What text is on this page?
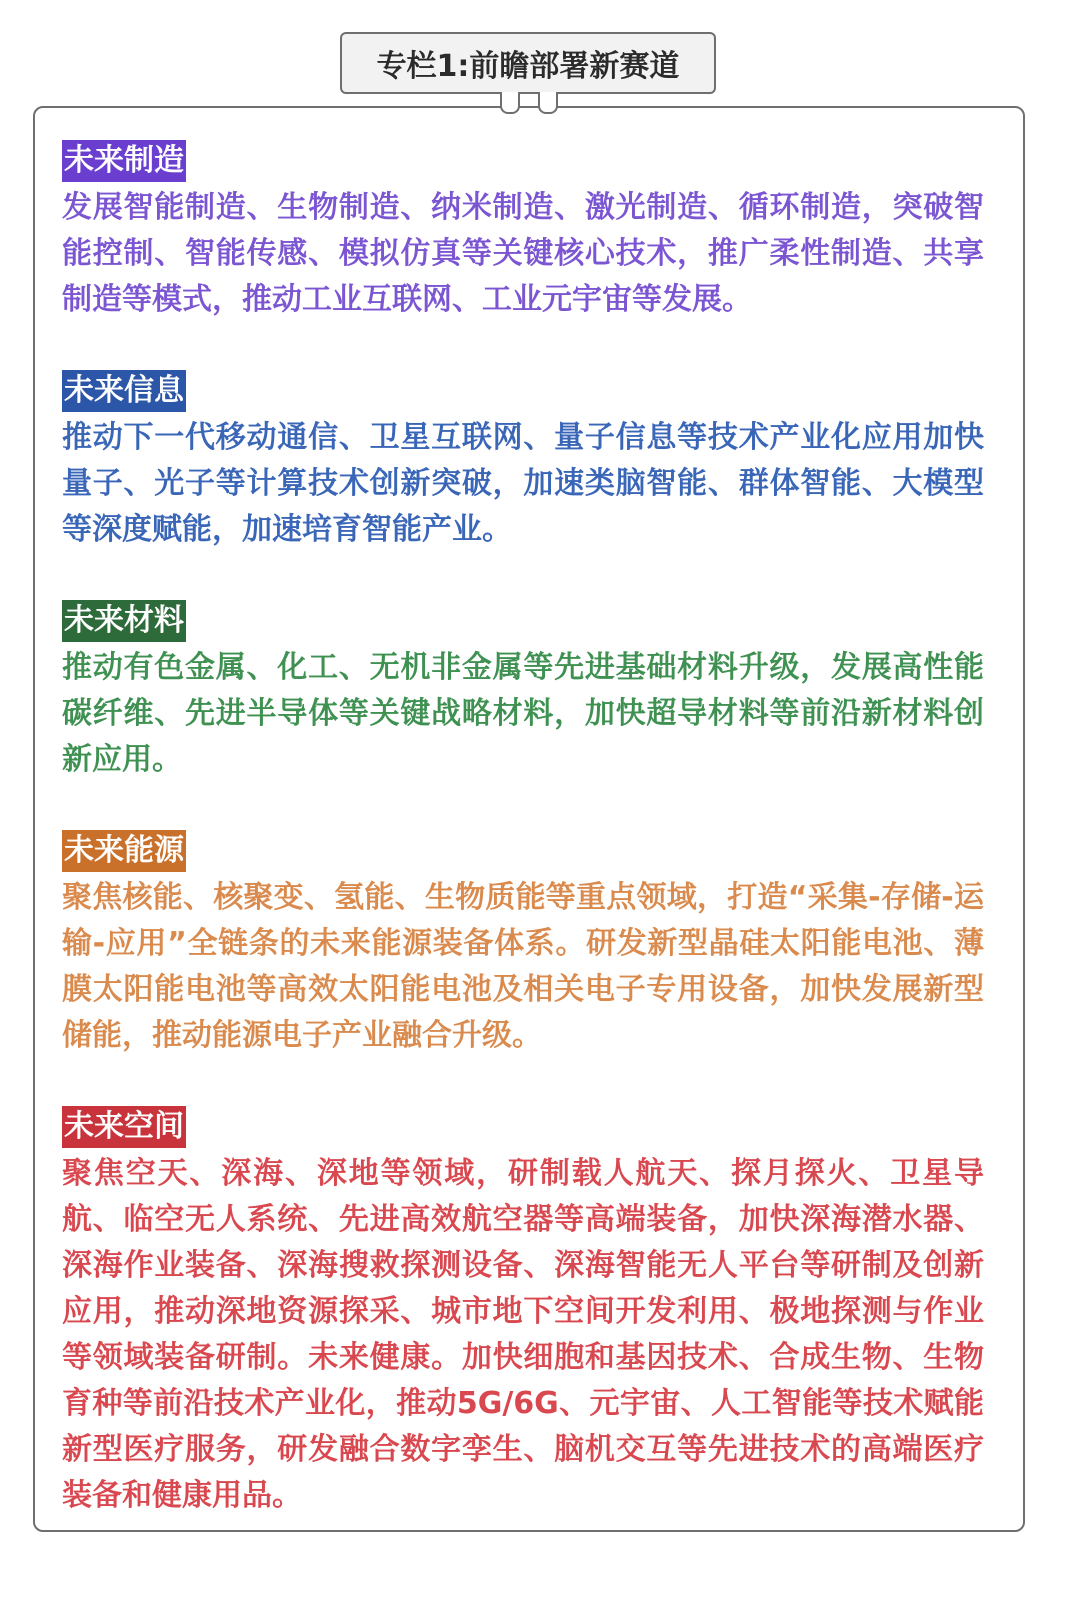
专栏1:前瞻部署新赛道
未来制造
发展智能制造、生物制造、纳米制造、激光制造、循环制造，突破智能控制、智能传感、模拟仿真等关键核心技术，推广柔性制造、共享制造等模式，推动工业互联网、工业元宇宙等发展。
未来信息
推动下一代移动通信、卫星互联网、量子信息等技术产业化应用加快量子、光子等计算技术创新突破，加速类脑智能、群体智能、大模型等深度赋能，加速培育智能产业。
未来材料
推动有色金属、化工、无机非金属等先进基础材料升级，发展高性能碳纤维、先进半导体等关键战略材料，加快超导材料等前沿新材料创新应用。
未来能源
聚焦核能、核聚变、氢能、生物质能等重点领域，打造“采集-存储-运输-应用”全链条的未来能源装备体系。研发新型晶硅太阳能电池、薄膜太阳能电池等高效太阳能电池及相关电子专用设备，加快发展新型储能，推动能源电子产业融合升级。
未来空间
聚焦空天、深海、深地等领域，研制载人航天、探月探火、卫星导航、临空无人系统、先进高效航空器等高端装备，加快深海潜水器、深海作业装备、深海搜救探测设备、深海智能无人平台等研制及创新应用，推动深地资源探采、城市地下空间开发利用、极地探测与作业等领域装备研制。未来健康。加快细胞和基因技术、合成生物、生物育种等前沿技术产业化，推动5G/6G、元宇宙、人工智能等技术赋能新型医疗服务，研发融合数字孪生、脑机交互等先进技术的高端医疗装备和健康用品。
